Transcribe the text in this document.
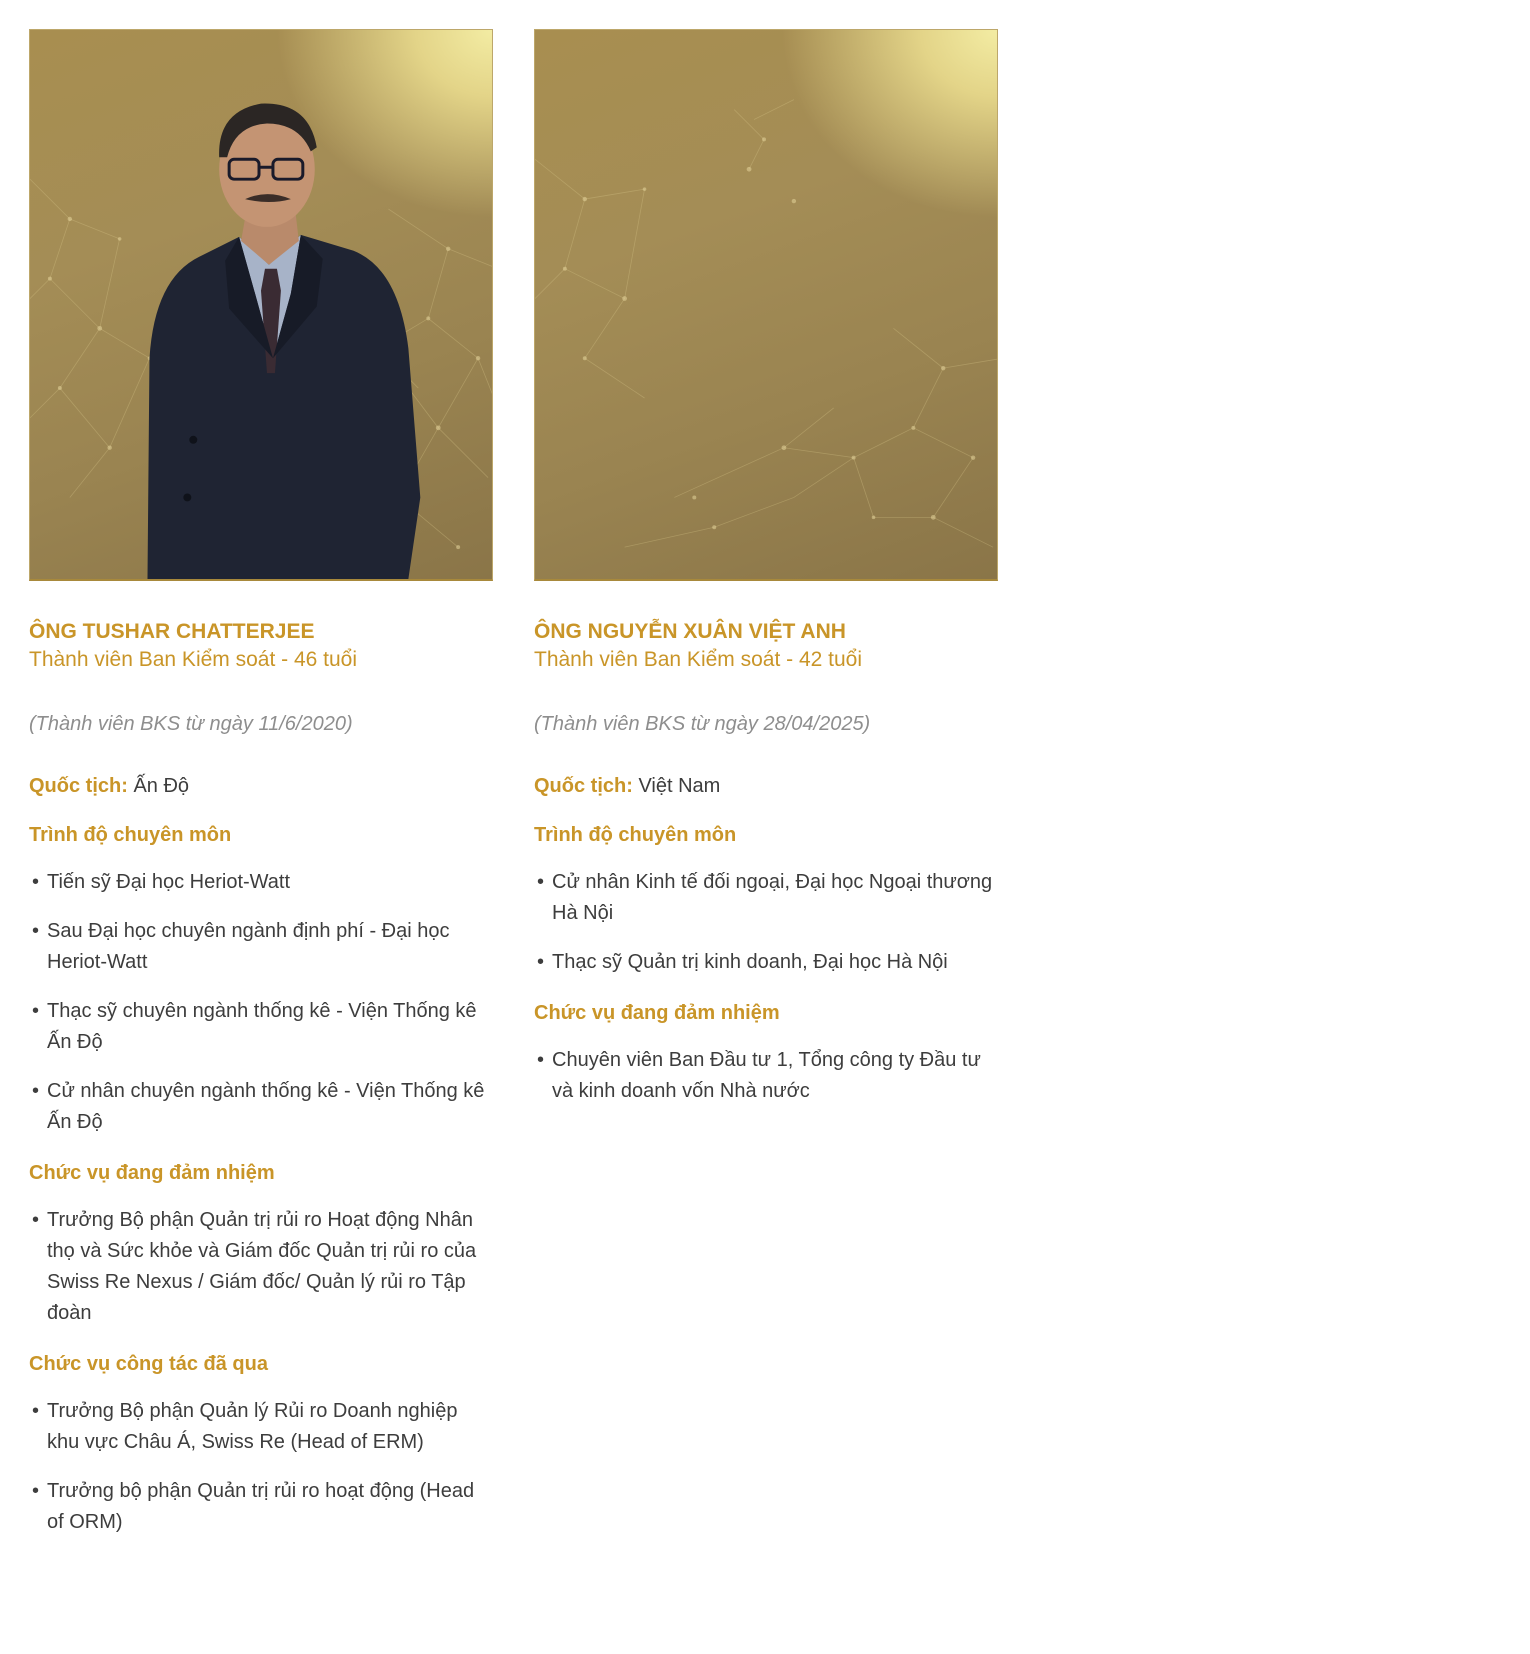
ÔNG TUSHAR CHATTERJEE
Thành viên Ban Kiểm soát - 46 tuổi
(Thành viên BKS từ ngày 11/6/2020)
Quốc tịch: Ấn Độ
Trình độ chuyên môn
• Tiến sỹ Đại học Heriot-Watt
• Sau Đại học chuyên ngành định phí - Đại học Heriot-Watt
• Thạc sỹ chuyên ngành thống kê - Viện Thống kê Ấn Độ
• Cử nhân chuyên ngành thống kê - Viện Thống kê Ấn Độ
Chức vụ đang đảm nhiệm
• Trưởng Bộ phận Quản trị rủi ro Hoạt động Nhân thọ và Sức khỏe và Giám đốc Quản trị rủi ro của Swiss Re Nexus / Giám đốc/ Quản lý rủi ro Tập đoàn
Chức vụ công tác đã qua
• Trưởng Bộ phận Quản lý Rủi ro Doanh nghiệp khu vực Châu Á, Swiss Re (Head of ERM)
• Trưởng bộ phận Quản trị rủi ro hoạt động (Head of ORM)
ÔNG NGUYỄN XUÂN VIỆT ANH
Thành viên Ban Kiểm soát - 42 tuổi
(Thành viên BKS từ ngày 28/04/2025)
Quốc tịch: Việt Nam
Trình độ chuyên môn
• Cử nhân Kinh tế đối ngoại, Đại học Ngoại thương Hà Nội
• Thạc sỹ Quản trị kinh doanh, Đại học Hà Nội
Chức vụ đang đảm nhiệm
• Chuyên viên Ban Đầu tư 1, Tổng công ty Đầu tư và kinh doanh vốn Nhà nước
